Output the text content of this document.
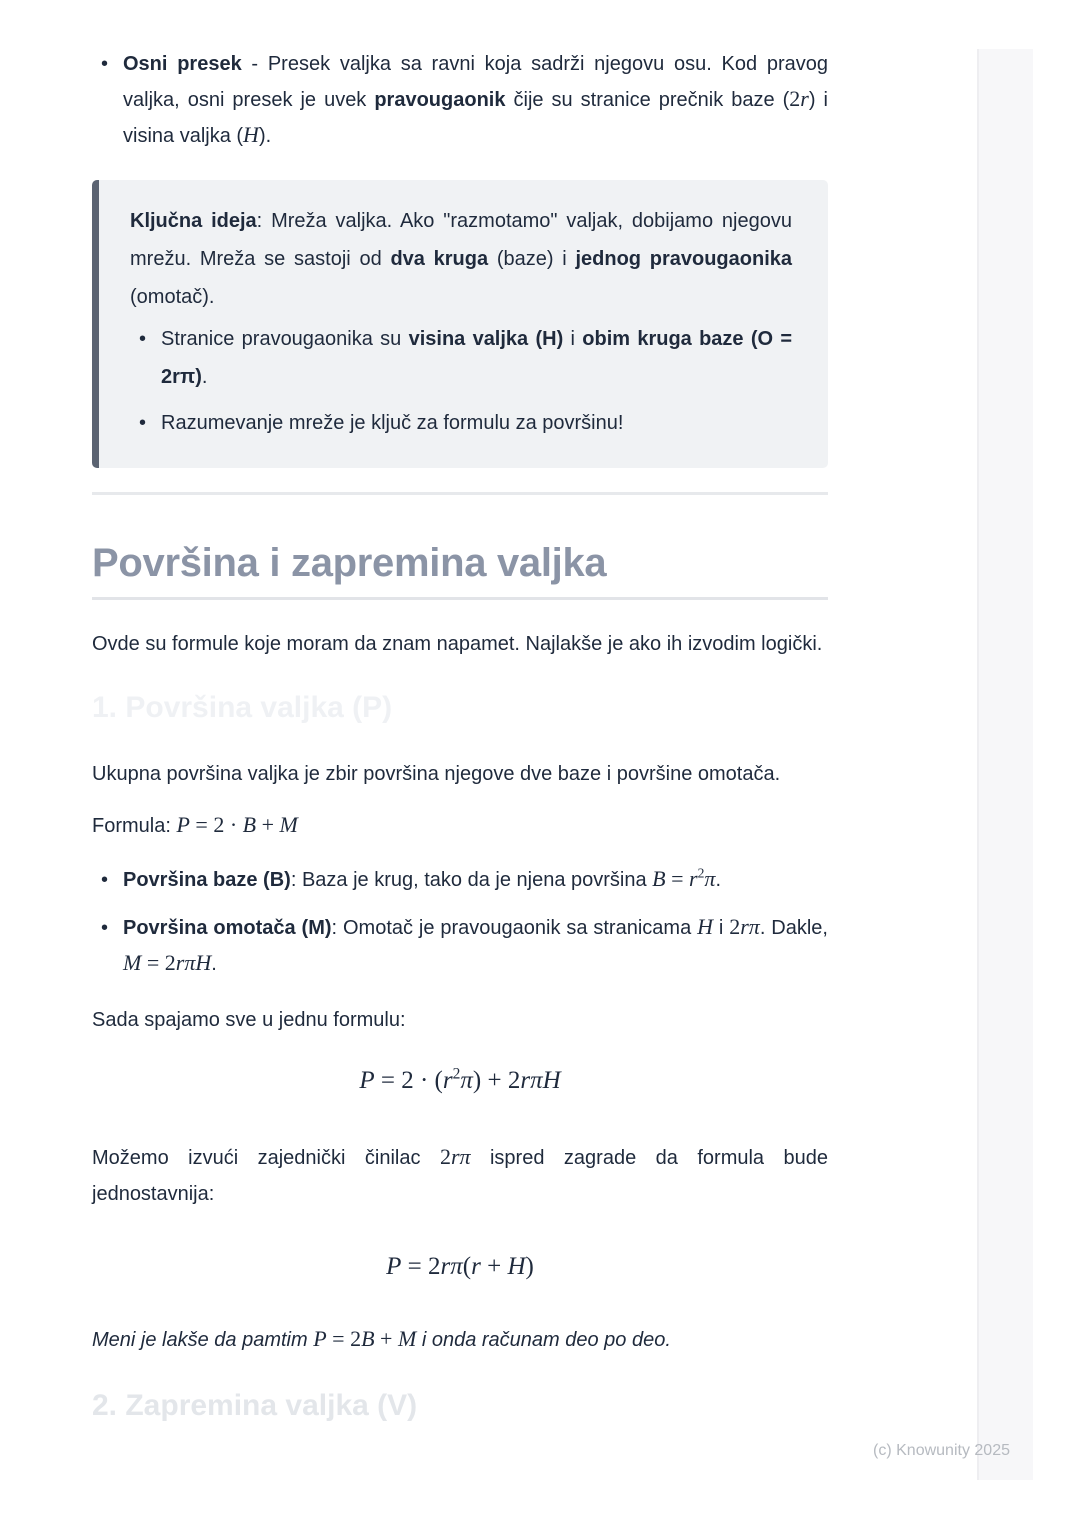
(c) Knowunity 2025
• Osni presek - Presek valjka sa ravni koja sadrži njegovu osu. Kod pravog valjka, osni presek je uvek pravougaonik čije su stranice prečnik baze (2r) i visina valjka (H).

Ključna ideja: Mreža valjka. Ako "razmotamo" valjak, dobijamo njegovu mrežu. Mreža se sastoji od dva kruga (baze) i jednog pravougaonika (omotač).

• Stranice pravougaonika su visina valjka (H) i obim kruga baze (O = 2rπ).
• Razumevanje mreže je ključ za formulu za površinu!
Površina i zapremina valjka

Ovde su formule koje moram da znam napamet. Najlakše je ako ih izvodim logički.

1. Površina valjka (P)

Ukupna površina valjka je zbir površina njegove dve baze i površine omotača.

Formula: P = 2 · B + M

• Površina baze (B): Baza je krug, tako da je njena površina $B = r^2\pi$.
• Površina omotača (M): Omotač je pravougaonik sa stranicama H i 2rπ. Dakle, M = 2rπH.

Sada spajamo sve u jednu formulu:

$P = 2 \cdot (r^2\pi) + 2r\pi H$

Možemo izvući zajednički činilac 2rπ ispred zagrade da formula bude jednostavnija:

P = 2rπ(r + H)

Meni je lakše da pamtim P = 2B + M i onda računam deo po deo.

2. Zapremina valjka (V)
